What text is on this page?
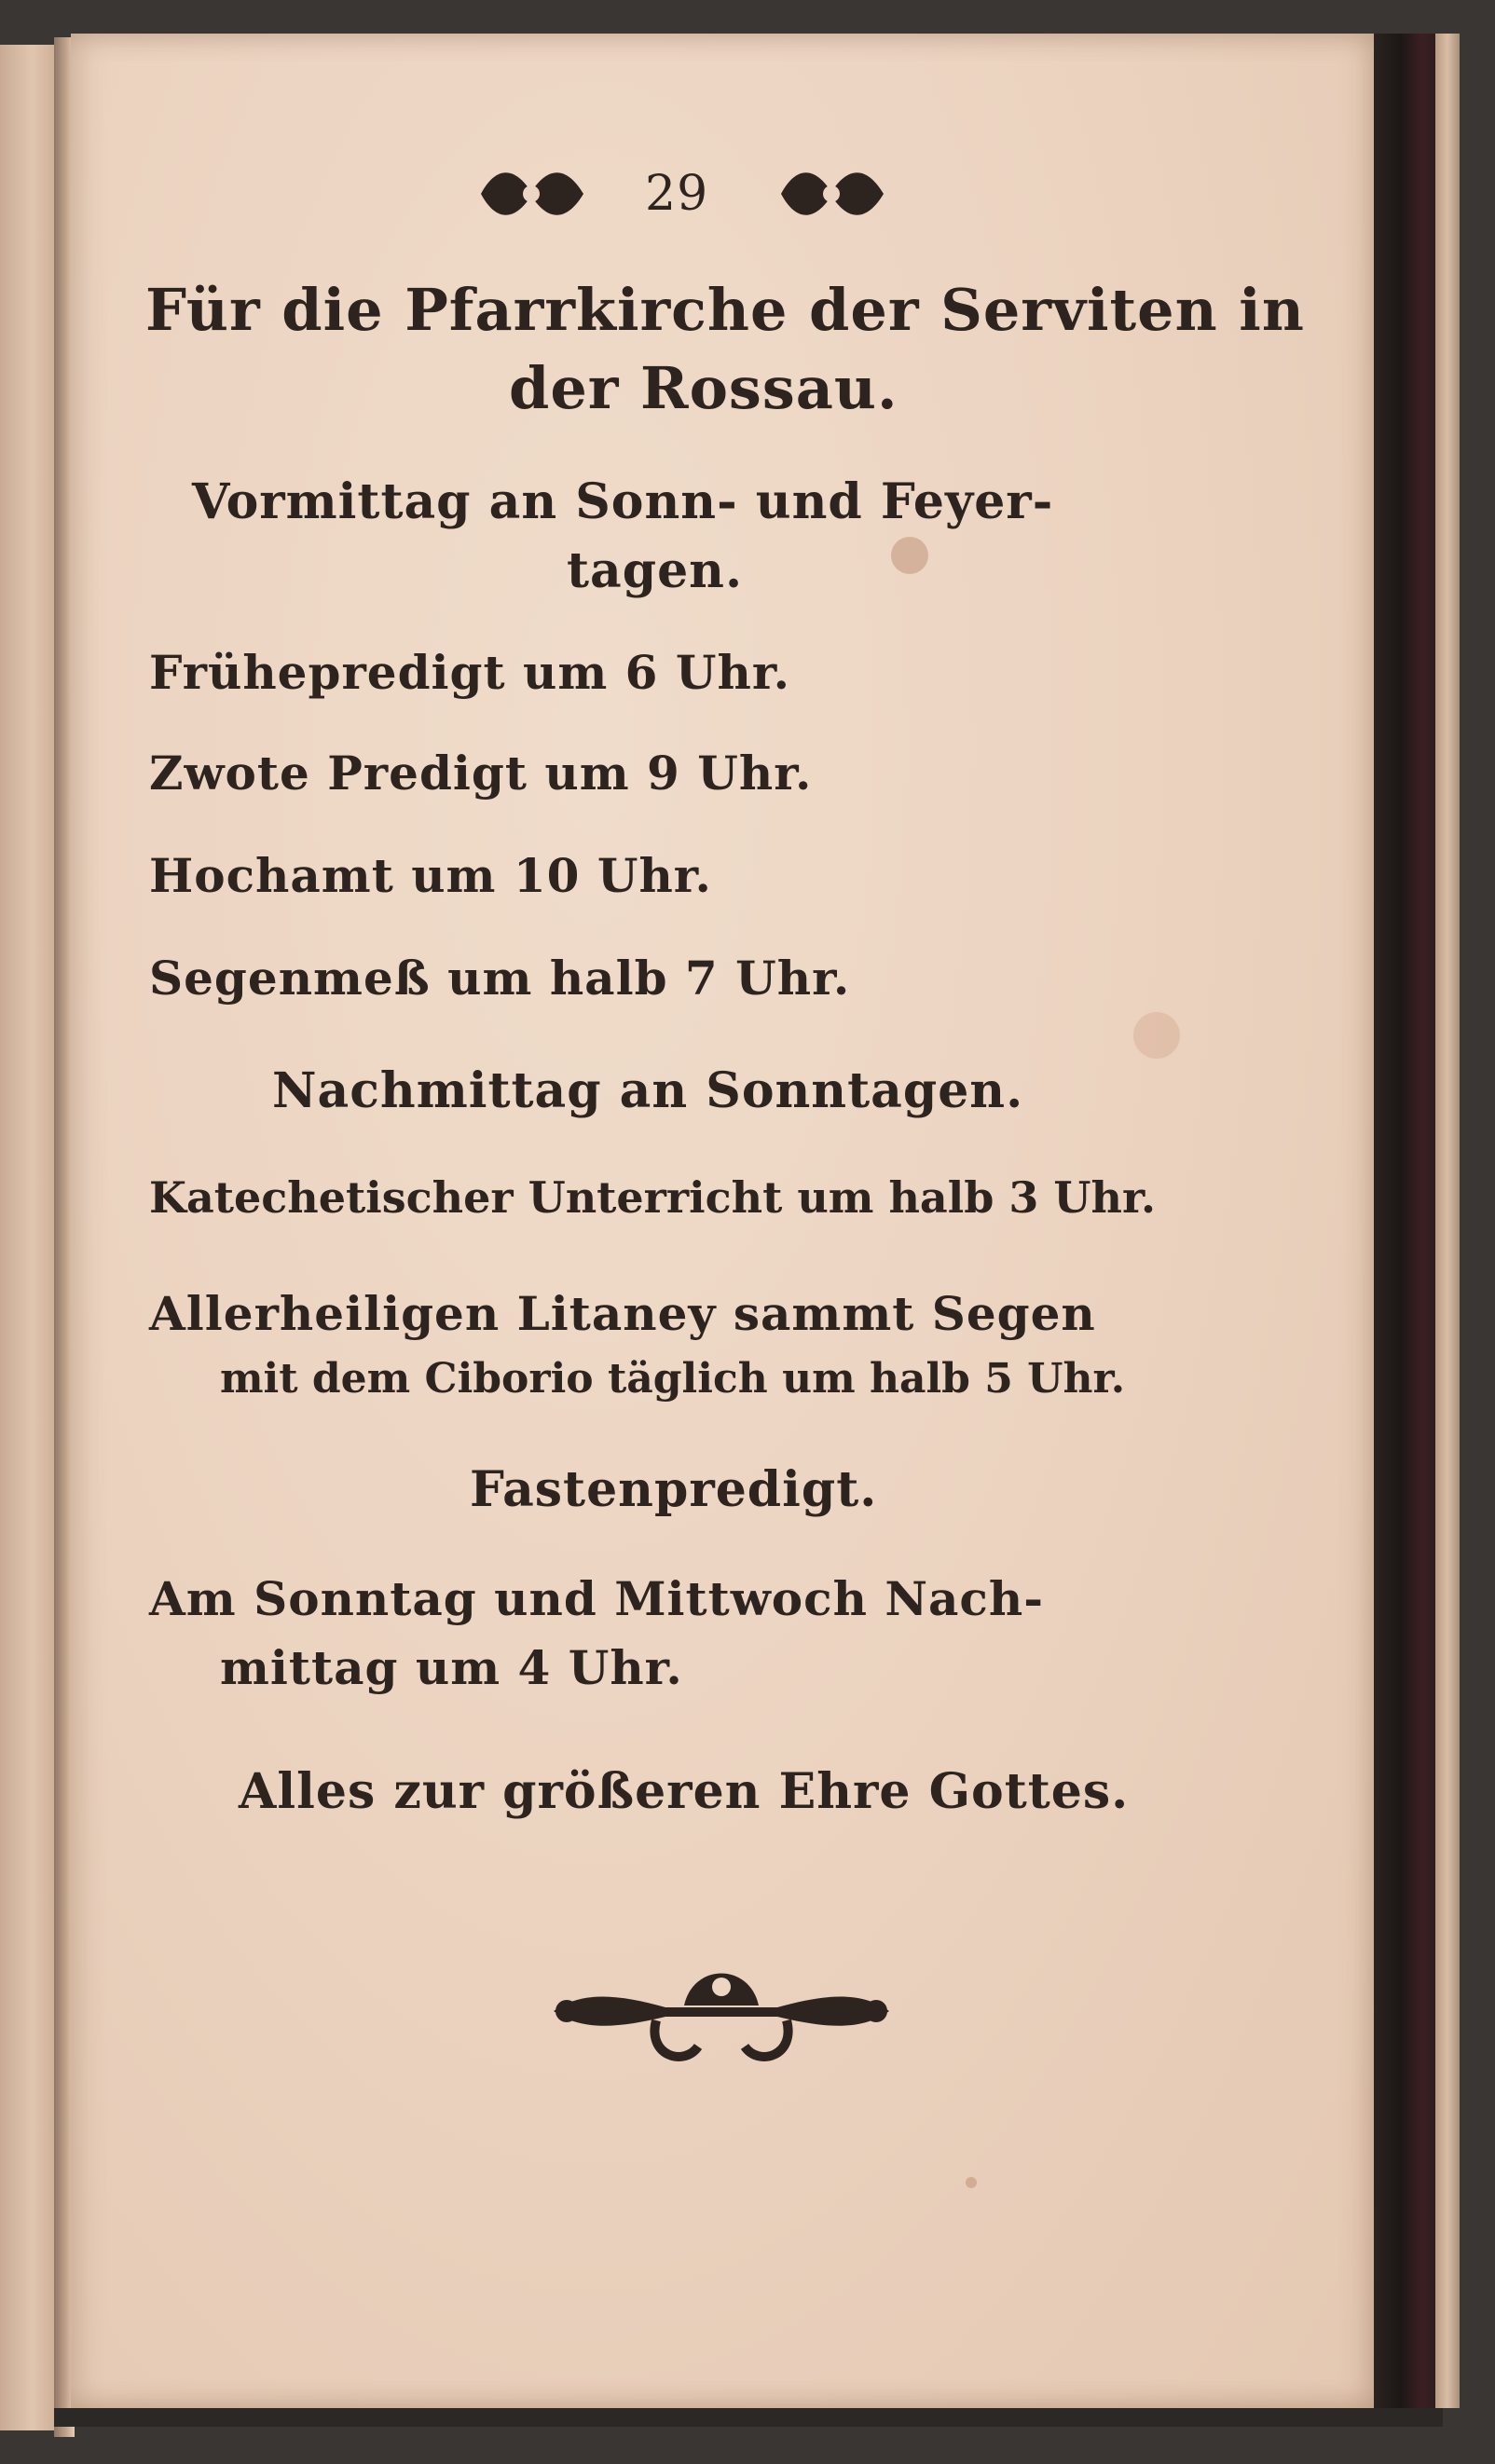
29
Für die Pfarrkirche der Serviten in
der Rossau.
Vormittag an Sonn- und Feyer-
tagen.
Frühepredigt um 6 Uhr.
Zwote Predigt um 9 Uhr.
Hochamt um 10 Uhr.
Segenmeß um halb 7 Uhr.
Nachmittag an Sonntagen.
Katechetischer Unterricht um halb 3 Uhr.
Allerheiligen Litaney sammt Segen
mit dem Ciborio täglich um halb 5 Uhr.
Fastenpredigt.
Am Sonntag und Mittwoch Nach-
mittag um 4 Uhr.
Alles zur größeren Ehre Gottes.
